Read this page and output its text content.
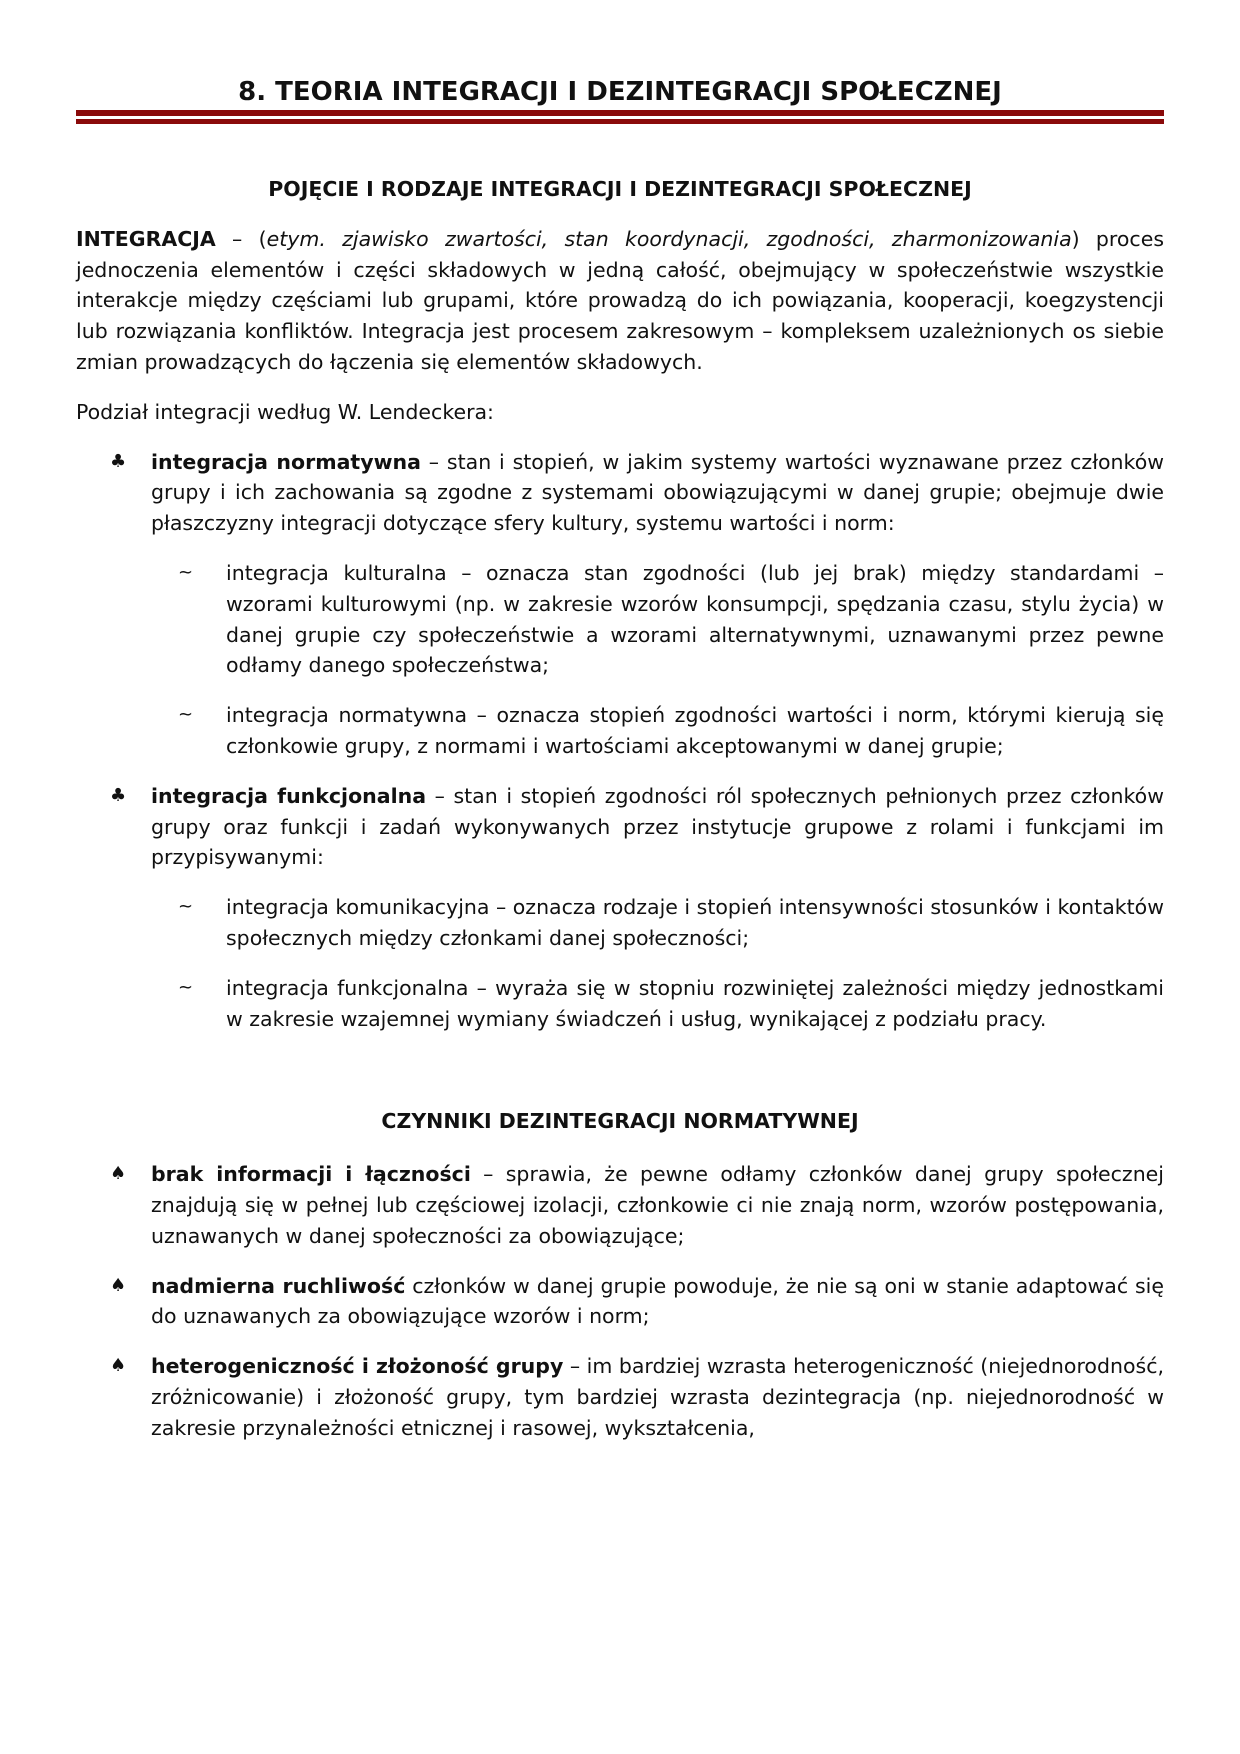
8. TEORIA INTEGRACJI I DEZINTEGRACJI SPOŁECZNEJ
POJĘCIE I RODZAJE INTEGRACJI I DEZINTEGRACJI SPOŁECZNEJ

INTEGRACJA – (etym. zjawisko zwartości, stan koordynacji, zgodności, zharmonizowania) proces jednoczenia elementów i części składowych w jedną całość, obejmujący w społeczeństwie wszystkie interakcje między częściami lub grupami, które prowadzą do ich powiązania, kooperacji, koegzystencji lub rozwiązania konfliktów. Integracja jest procesem zakresowym – kompleksem uzależnionych os siebie zmian prowadzących do łączenia się elementów składowych.

Podział integracji według W. Lendeckera:

♣ integracja normatywna – stan i stopień, w jakim systemy wartości wyznawane przez członków grupy i ich zachowania są zgodne z systemami obowiązującymi w danej grupie; obejmuje dwie płaszczyzny integracji dotyczące sfery kultury, systemu wartości i norm:
~ integracja kulturalna – oznacza stan zgodności (lub jej brak) między standardami – wzorami kulturowymi (np. w zakresie wzorów konsumpcji, spędzania czasu, stylu życia) w danej grupie czy społeczeństwie a wzorami alternatywnymi, uznawanymi przez pewne odłamy danego społeczeństwa;
~ integracja normatywna – oznacza stopień zgodności wartości i norm, którymi kierują się członkowie grupy, z normami i wartościami akceptowanymi w danej grupie;
♣ integracja funkcjonalna – stan i stopień zgodności ról społecznych pełnionych przez członków grupy oraz funkcji i zadań wykonywanych przez instytucje grupowe z rolami i funkcjami im przypisywanymi:
~ integracja komunikacyjna – oznacza rodzaje i stopień intensywności stosunków i kontaktów społecznych między członkami danej społeczności;
~ integracja funkcjonalna – wyraża się w stopniu rozwiniętej zależności między jednostkami w zakresie wzajemnej wymiany świadczeń i usług, wynikającej z podziału pracy.
CZYNNIKI DEZINTEGRACJI NORMATYWNEJ
♠ brak informacji i łączności – sprawia, że pewne odłamy członków danej grupy społecznej znajdują się w pełnej lub częściowej izolacji, członkowie ci nie znają norm, wzorów postępowania, uznawanych w danej społeczności za obowiązujące;
♠ nadmierna ruchliwość członków w danej grupie powoduje, że nie są oni w stanie adaptować się do uznawanych za obowiązujące wzorów i norm;
♠ heterogeniczność i złożoność grupy – im bardziej wzrasta heterogeniczność (niejednorodność, zróżnicowanie) i złożoność grupy, tym bardziej wzrasta dezintegracja (np. niejednorodność w zakresie przynależności etnicznej i rasowej, wykształcenia,
